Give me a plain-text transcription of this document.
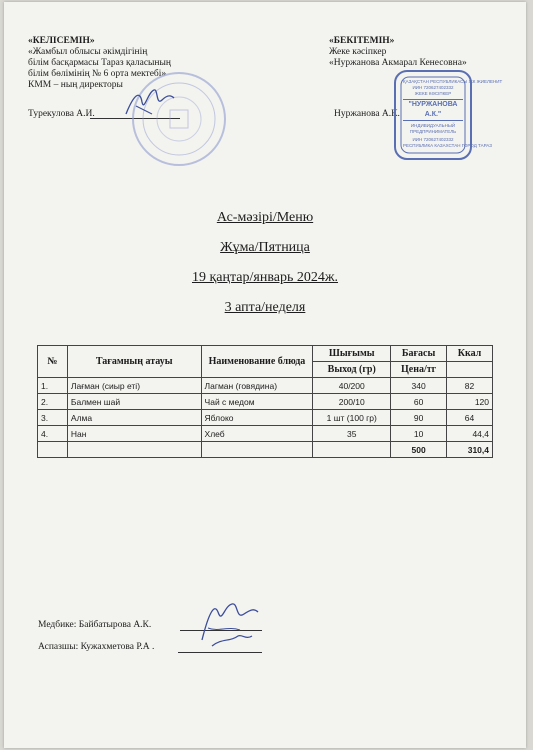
«КЕЛІСЕМІН»
«Жамбыл облысы әкімдігінің
білім басқармасы Тараз қаласының
білім бөлімінің № 6 орта мектебі»
КММ – ның директоры
Турекулова А.И.
«БЕКІТЕМІН»
Жеке кәсіпкер
«Нуржанова Акмарал Кенесовна»
Нуржанова А.К.
ҚАЗАҚСТАН РЕСПУБЛИКАСЫ ЖК ЖИЕЛЕНИТ
ИИН 720627402332
ЖЕКЕ КӘСІПКЕР
"НУРЖАНОВА А.К."
ИНДИВИДУАЛЬНЫЙ
ПРЕДПРИНИМАТЕЛЬ
ИИН 720627402332
РЕСПУБЛИКА КАЗАХСТАН ГОРОД ТАРАЗ
Ас-мәзірі/Меню
Жұма/Пятница
19 қаңтар/январь 2024ж.
3 апта/неделя
№	Тағамның атауы	Наименование блюда	Шығымы	Бағасы	Ккал
			Выход (гр)	Цена/тг	
1.	Лағман (сиыр еті)	Лагман (говядина)	40/200	340	82
2.	Балмен шай	Чай с медом	200/10	60	120
3.	Алма	Яблоко	1 шт (100 гр)	90	64
4.	Нан	Хлеб	35	10	44,4
				500	310,4
Медбике: Байбатырова А.К.
Аспазшы: Кужахметова Р.А .
